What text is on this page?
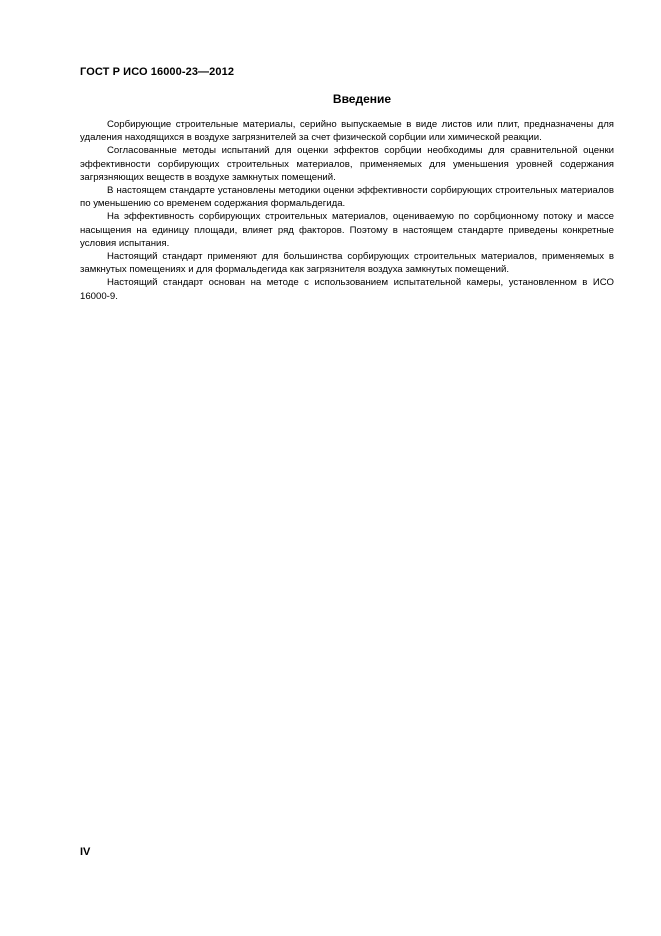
ГОСТ Р ИСО 16000-23—2012
Введение

Сорбирующие строительные материалы, серийно выпускаемые в виде листов или плит, предназначены для удаления находящихся в воздухе загрязнителей за счет физической сорбции или химической реакции.

Согласованные методы испытаний для оценки эффектов сорбции необходимы для сравнительной оценки эффективности сорбирующих строительных материалов, применяемых для уменьшения уровней содержания загрязняющих веществ в воздухе замкнутых помещений.

В настоящем стандарте установлены методики оценки эффективности сорбирующих строительных материалов по уменьшению со временем содержания формальдегида.

На эффективность сорбирующих строительных материалов, оцениваемую по сорбционному потоку и массе насыщения на единицу площади, влияет ряд факторов. Поэтому в настоящем стандарте приведены конкретные условия испытания.

Настоящий стандарт применяют для большинства сорбирующих строительных материалов, применяемых в замкнутых помещениях и для формальдегида как загрязнителя воздуха замкнутых помещений.

Настоящий стандарт основан на методе с использованием испытательной камеры, установленном в ИСО 16000-9.

IV
